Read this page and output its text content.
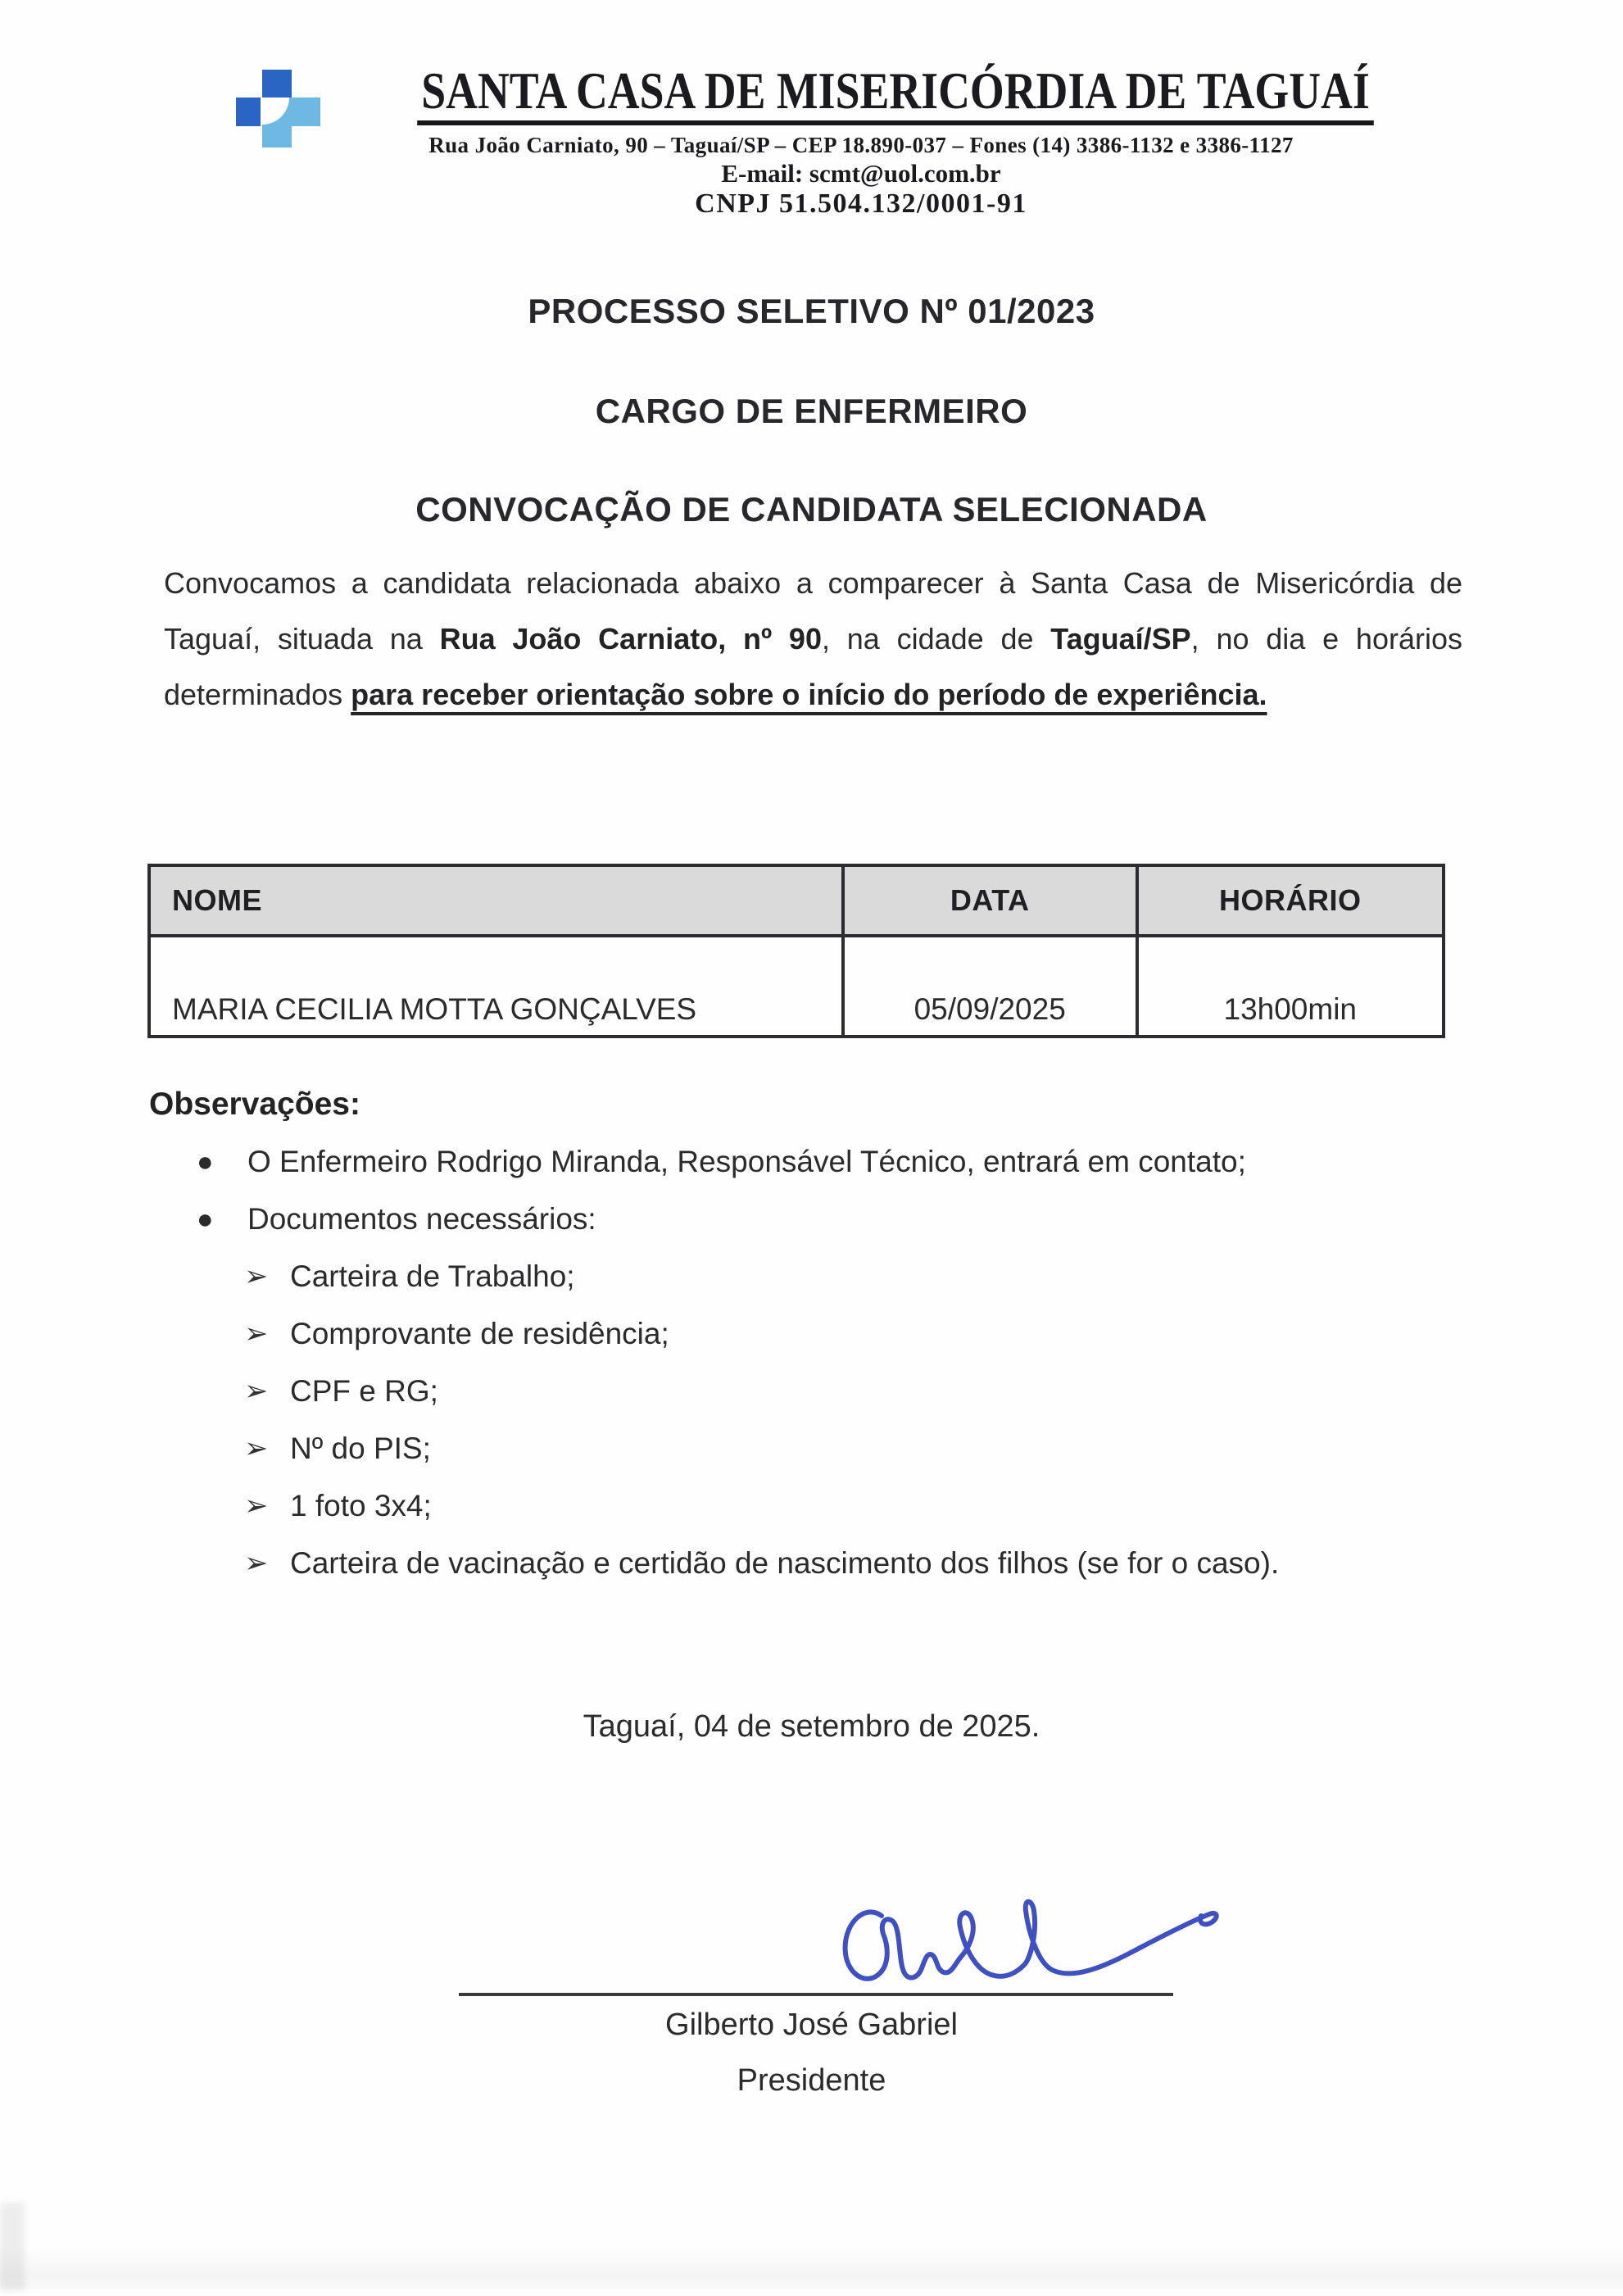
SANTA CASA DE MISERICÓRDIA DE TAGUAÍ
Rua João Carniato, 90 – Taguaí/SP – CEP 18.890-037 – Fones (14) 3386-1132 e 3386-1127
E-mail: scmt@uol.com.br
CNPJ 51.504.132/0001-91
PROCESSO SELETIVO Nº 01/2023
CARGO DE ENFERMEIRO
CONVOCAÇÃO DE CANDIDATA SELECIONADA

Convocamos a candidata relacionada abaixo a comparecer à Santa Casa de Misericórdia de Taguaí, situada na Rua João Carniato, nº 90, na cidade de Taguaí/SP, no dia e horários determinados para receber orientação sobre o início do período de experiência.

NOME	DATA	HORÁRIO
MARIA CECILIA MOTTA GONÇALVES	05/09/2025	13h00min
Observações:
●	O Enfermeiro Rodrigo Miranda, Responsável Técnico, entrará em contato;
●	Documentos necessários:
➢ Carteira de Trabalho;
➢ Comprovante de residência;
➢ CPF e RG;
➢ Nº do PIS;
➢ 1 foto 3x4;
➢ Carteira de vacinação e certidão de nascimento dos filhos (se for o caso).

Taguaí, 04 de setembro de 2025.

Gilberto José Gabriel

Presidente
